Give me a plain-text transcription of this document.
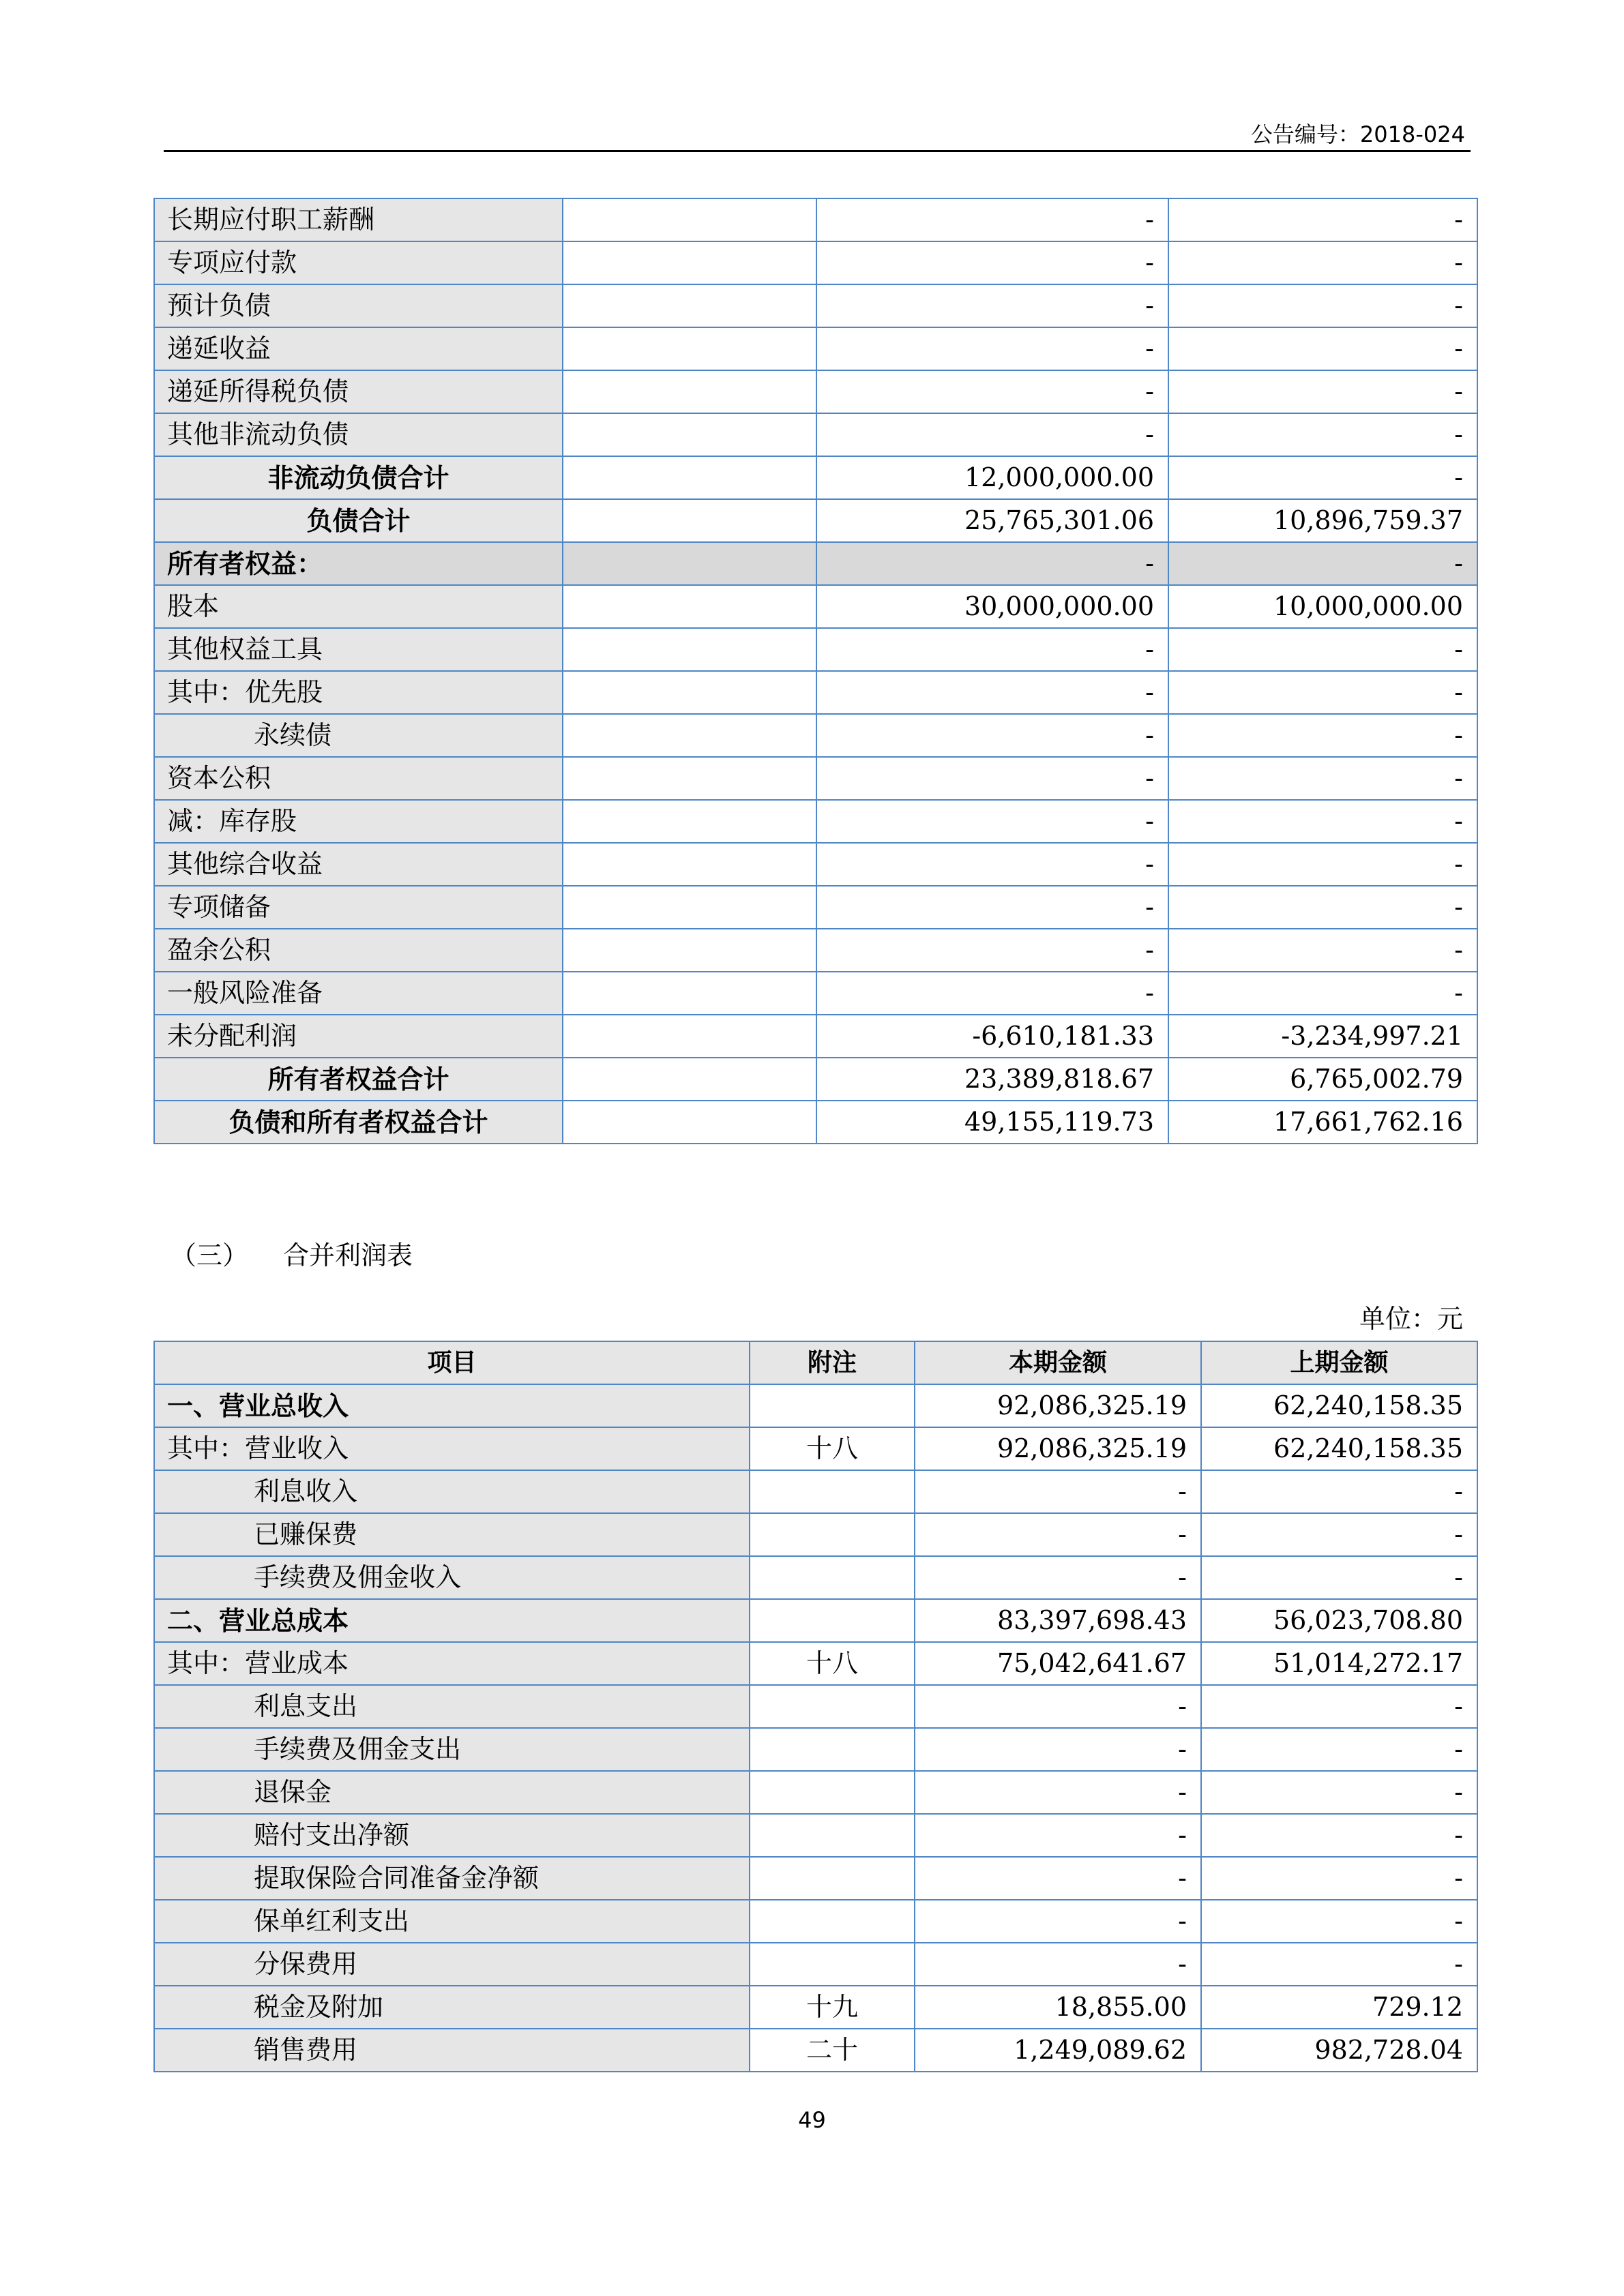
公告编号：2018-024
长期应付职工薪酬		-	-
专项应付款		-	-
预计负债		-	-
递延收益		-	-
递延所得税负债		-	-
其他非流动负债		-	-
非流动负债合计		12,000,000.00	-
负债合计		25,765,301.06	10,896,759.37
所有者权益：		-	-
股本		30,000,000.00	10,000,000.00
其他权益工具		-	-
其中：优先股		-	-
永续债		-	-
资本公积		-	-
减：库存股		-	-
其他综合收益		-	-
专项储备		-	-
盈余公积		-	-
一般风险准备		-	-
未分配利润		-6,610,181.33	-3,234,997.21
所有者权益合计		23,389,818.67	6,765,002.79
负债和所有者权益合计		49,155,119.73	17,661,762.16
（三） 合并利润表
单位：元
项目	附注	本期金额	上期金额
一、营业总收入		92,086,325.19	62,240,158.35
其中：营业收入	十八	92,086,325.19	62,240,158.35
利息收入		-	-
已赚保费		-	-
手续费及佣金收入		-	-
二、营业总成本		83,397,698.43	56,023,708.80
其中：营业成本	十八	75,042,641.67	51,014,272.17
利息支出		-	-
手续费及佣金支出		-	-
退保金		-	-
赔付支出净额		-	-
提取保险合同准备金净额		-	-
保单红利支出		-	-
分保费用		-	-
税金及附加	十九	18,855.00	729.12
销售费用	二十	1,249,089.62	982,728.04
49
